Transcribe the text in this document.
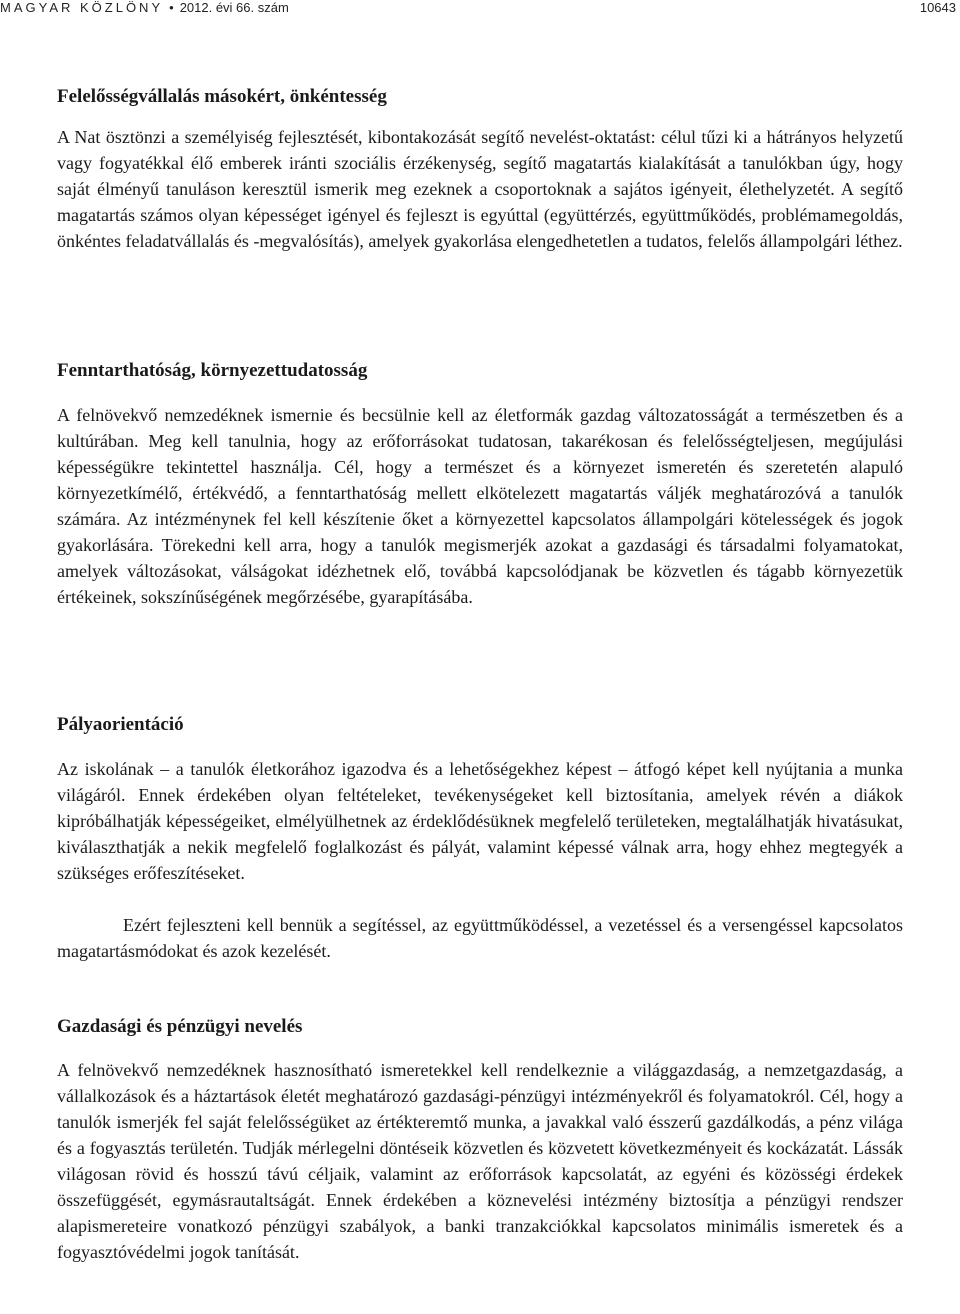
MAGYAR KÖZLÖNY • 2012. évi 66. szám	10643
Felelősségvállalás másokért, önkéntesség

A Nat ösztönzi a személyiség fejlesztését, kibontakozását segítő nevelést-oktatást: célul tűzi ki a hátrányos helyzetű vagy fogyatékkal élő emberek iránti szociális érzékenység, segítő magatartás kialakítását a tanulókban úgy, hogy saját élményű tanuláson keresztül ismerik meg ezeknek a csoportoknak a sajátos igényeit, élethelyzetét. A segítő magatartás számos olyan képességet igényel és fejleszt is egyúttal (együttérzés, együttműködés, problémamegoldás, önkéntes feladatvállalás és -megvalósítás), amelyek gyakorlása elengedhetetlen a tudatos, felelős állampolgári léthez.

Fenntarthatóság, környezettudatosság

A felnövekvő nemzedéknek ismernie és becsülnie kell az életformák gazdag változatosságát a természetben és a kultúrában. Meg kell tanulnia, hogy az erőforrásokat tudatosan, takarékosan és felelősségteljesen, megújulási képességükre tekintettel használja. Cél, hogy a természet és a környezet ismeretén és szeretetén alapuló környezetkímélő, értékvédő, a fenntarthatóság mellett elkötelezett magatartás váljék meghatározóvá a tanulók számára. Az intézménynek fel kell készítenie őket a környezettel kapcsolatos állampolgári kötelességek és jogok gyakorlására. Törekedni kell arra, hogy a tanulók megismerjék azokat a gazdasági és társadalmi folyamatokat, amelyek változásokat, válságokat idézhetnek elő, továbbá kapcsolódjanak be közvetlen és tágabb környezetük értékeinek, sokszínűségének megőrzésébe, gyarapításába.

Pályaorientáció

Az iskolának – a tanulók életkorához igazodva és a lehetőségekhez képest – átfogó képet kell nyújtania a munka világáról. Ennek érdekében olyan feltételeket, tevékenységeket kell biztosítania, amelyek révén a diákok kipróbálhatják képességeiket, elmélyülhetnek az érdeklődésüknek megfelelő területeken, megtalálhatják hivatásukat, kiválaszthatják a nekik megfelelő foglalkozást és pályát, valamint képessé válnak arra, hogy ehhez megtegyék a szükséges erőfeszítéseket.

Ezért fejleszteni kell bennük a segítéssel, az együttműködéssel, a vezetéssel és a versengéssel kapcsolatos magatartásmódokat és azok kezelését.

Gazdasági és pénzügyi nevelés

A felnövekvő nemzedéknek hasznosítható ismeretekkel kell rendelkeznie a világgazdaság, a nemzetgazdaság, a vállalkozások és a háztartások életét meghatározó gazdasági-pénzügyi intézményekről és folyamatokról. Cél, hogy a tanulók ismerjék fel saját felelősségüket az értékteremtő munka, a javakkal való ésszerű gazdálkodás, a pénz világa és a fogyasztás területén. Tudják mérlegelni döntéseik közvetlen és közvetett következményeit és kockázatát. Lássák világosan rövid és hosszú távú céljaik, valamint az erőforrások kapcsolatát, az egyéni és közösségi érdekek összefüggését, egymásrautaltságát. Ennek érdekében a köznevelési intézmény biztosítja a pénzügyi rendszer alapismereteire vonatkozó pénzügyi szabályok, a banki tranzakciókkal kapcsolatos minimális ismeretek és a fogyasztóvédelmi jogok tanítását.
